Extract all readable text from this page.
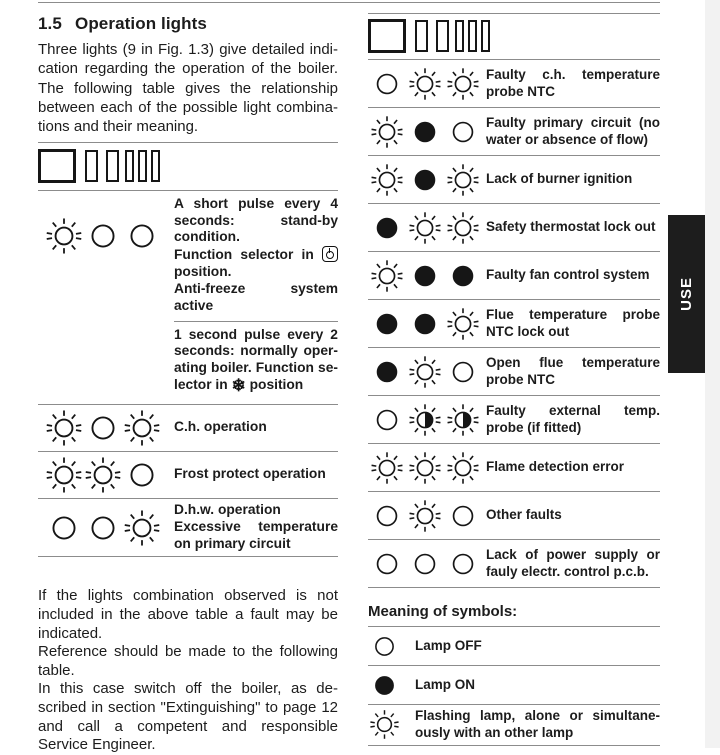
1.5 Operation lights

Three lights (9 in Fig. 1.3) give detailed indication regarding the operation of the boiler. The following table gives the relationship between each of the possible light combinations and their meaning.

A short pulse every 4 seconds: stand-by condition.
Function selector in  position.
Anti-freeze system active
1 second pulse every 2 seconds: normally operating boiler. Function selector in ❄ position
C.h. operation
Frost protect operation
D.h.w. operation
Excessive temperature on primary circuit

If the lights combination observed is not included in the above table a fault may be indicated.

Reference should be made to the following table.

In this case switch off the boiler, as described in section "Extinguishing" to page 12 and call a competent and responsible Service Engineer.

Faulty c.h. temperature probe NTC
Faulty primary circuit (no water or absence of flow)
Lack of burner ignition
Safety thermostat lock out
Faulty fan control system
Flue temperature probe NTC lock out
Open flue temperature probe NTC
Faulty external temp. probe (if fitted)
Flame detection error
Other faults
Lack of power supply or fauly electr. control p.c.b.
Meaning of symbols:
Lamp OFF
Lamp ON
Flashing lamp, alone or simultaneously with an other lamp
USE
